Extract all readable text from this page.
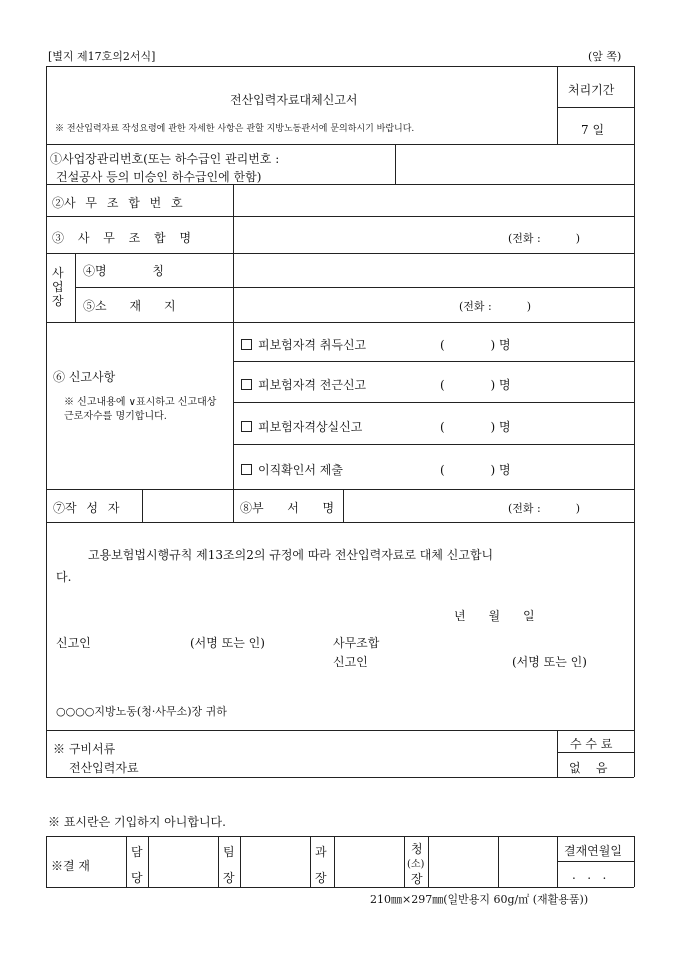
[별지 제17호의2서식]	(앞 쪽)
전산입력자료대체신고서
※ 전산입력자료 작성요령에 관한 자세한 사항은 관할 지방노동관서에 문의하시기 바랍니다.
처리기간
7 일
①사업장관리번호(또는 하수급인 관리번호 :
건설공사 등의 미승인 하수급인에 한함)
②사 무 조 합 번 호
③ 사 무 조 합 명	(전화 :          )
사업장
④명            칭
⑤소      재      지	(전화 :          )
⑥ 신고사항
※ 신고내용에 ∨표시하고 신고대상 근로자수를 명기합니다.
피보험자격 취득신고	(            ) 명
피보험자격 전근신고	(            ) 명
피보험자격상실신고	(            ) 명
이직확인서 제출	(            ) 명
⑦작 성 자	⑧부  서  명	(전화 :          )
고용보험법시행규칙 제13조의2의 규정에 따라 전산입력자료로 대체 신고합니
다.
년      월      일
신고인	(서명 또는 인)	사무조합
신고인	(서명 또는 인)
○○○○지방노동(청·사무소)장 귀하
※ 구비서류
전산입력자료
수 수 료
없    음
※ 표시란은 기입하지 아니합니다.
※결 재
담
당
팀
장
과
장
청
(소)
장
결재연월일
.   .   .
210㎜×297㎜(일반용지 60g/㎡ (재활용품))
